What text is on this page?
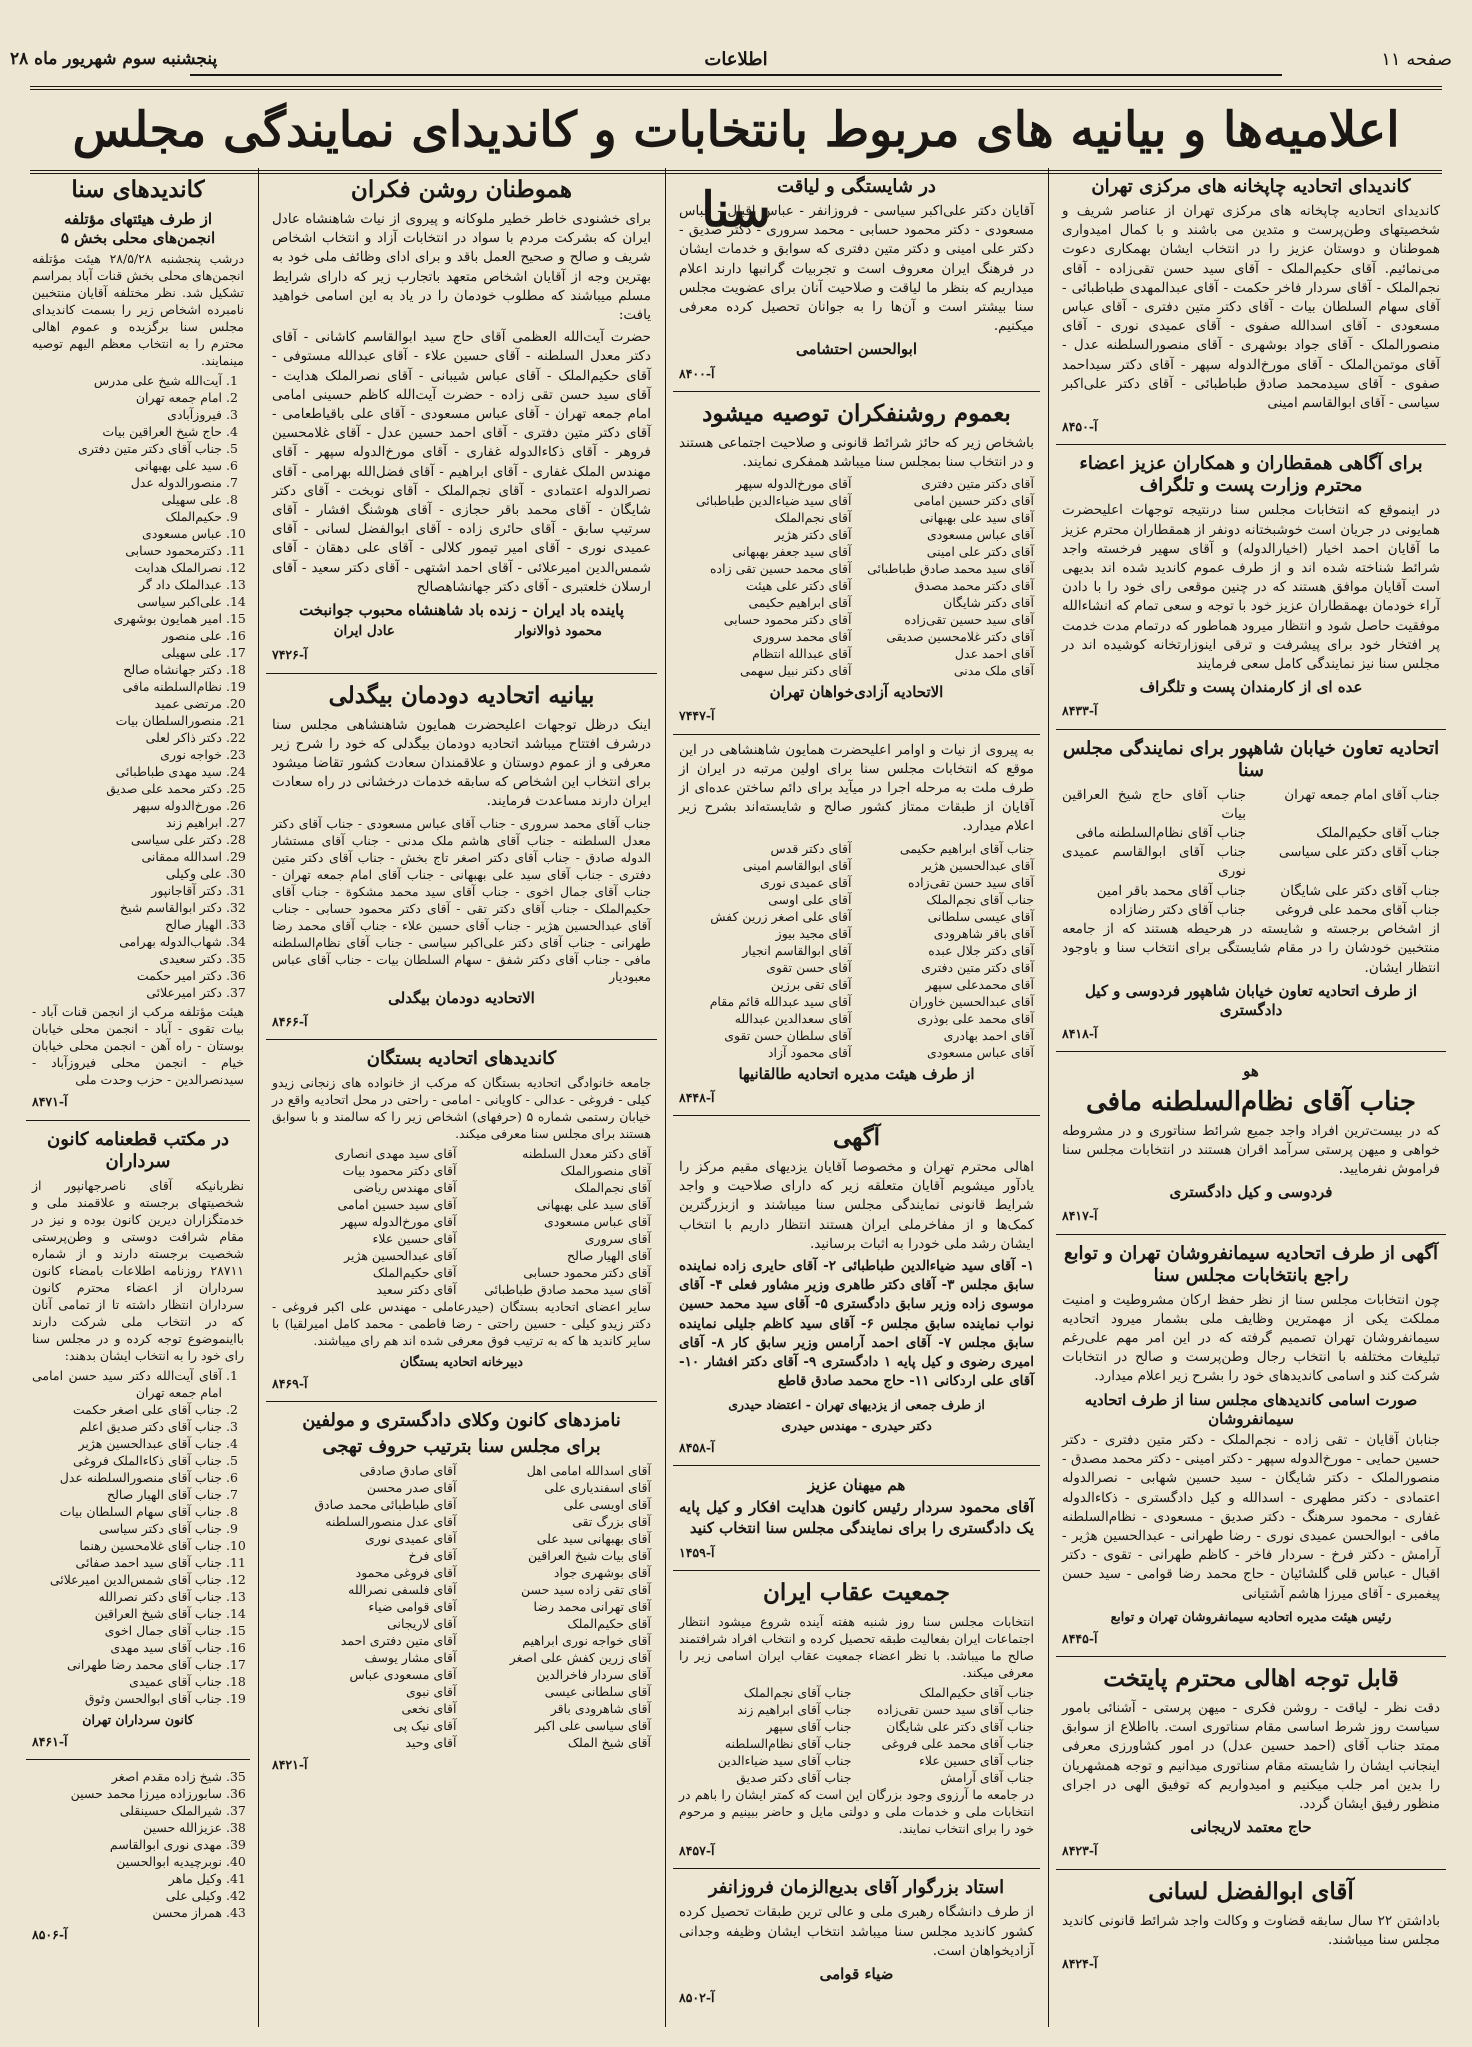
صفحه ۱۱
اطلاعات
پنجشنبه سوم شهریور ماه ۲۸
اعلامیه‌ها و بیانیه های مربوط بانتخابات و کاندیدای نمایندگی مجلس سنا	کاندیدای اتحادیه چاپخانه های مرکزی تهران

کاندیدای اتحادیه چاپخانه های مرکزی تهران از عناصر شریف و شخصیتهای وطن‌پرست و متدین می باشند و با کمال امیدواری هموطنان و دوستان عزیز را در انتخاب ایشان بهمکاری دعوت می‌نمائیم. آقای حکیم‌الملک - آقای سید حسن تقی‌زاده - آقای نجم‌الملک - آقای سردار فاخر حکمت - آقای عبدالمهدی طباطبائی - آقای سهام السلطان بیات - آقای دکتر متین دفتری - آقای عباس مسعودی - آقای اسدالله صفوی - آقای عمیدی نوری - آقای منصورالملک - آقای جواد بوشهری - آقای منصورالسلطنه عدل - آقای موتمن‌الملک - آقای مورخ‌الدوله سپهر - آقای دکتر سیداحمد صفوی - آقای سیدمحمد صادق طباطبائی - آقای دکتر علی‌اکبر سیاسی - آقای ابوالقاسم امینی

۸۴۵۰-آ
برای آگاهی همقطاران و همکاران عزیز اعضاء محترم وزارت پست و تلگراف

در اینموقع که انتخابات مجلس سنا درنتیجه توجهات اعلیحضرت همایونی در جریان است خوشبختانه دونفر از همقطاران محترم عزیز ما آقایان احمد اخیار (اخیارالدوله) و آقای سهیر فرخسته واجد شرائط شناخته شده اند و از طرف عموم کاندید شده اند بدیهی است آقایان موافق هستند که در چنین موقعی رای خود را با دادن آراء خودمان بهمقطاران عزیز خود با توجه و سعی تمام که انشاءالله موفقیت حاصل شود و انتظار میرود هماطور که درتمام مدت خدمت پر افتخار خود برای پیشرفت و ترقی اینوزارتخانه کوشیده اند در مجلس سنا نیز نمایندگی کامل سعی فرمایند

عده ای از کارمندان پست و تلگراف
۸۴۳۳-آ
اتحادیه تعاون خیابان شاهپور برای نمایندگی مجلس سنا
جناب آقای امام جمعه تهران
جناب آقای حاج شیخ العراقین بیات
جناب آقای حکیم‌الملک
جناب آقای نظام‌السلطنه مافی
جناب آقای دکتر علی سیاسی
جناب آقای ابوالقاسم عمیدی نوری
جناب آقای دکتر علی شایگان
جناب آقای محمد باقر امین
جناب آقای محمد علی فروغی
جناب آقای دکتر رضازاده

از اشخاص برجسته و شایسته در هرحیطه هستند که از جامعه منتخبین خودشان را در مقام شایستگی برای انتخاب سنا و باوجود انتظار ایشان.

از طرف اتحادیه تعاون خیابان شاهپور فردوسی و کیل دادگستری
۸۴۱۸-آ
هو
جناب آقای نظام‌السلطنه مافی

که در بیست‌ترین افراد واجد جمیع شرائط سناتوری و در مشروطه خواهی و میهن پرستی سرآمد اقران هستند در انتخابات مجلس سنا فراموش نفرمایید.

فردوسی و کیل دادگستری
۸۴۱۷-آ
آگهی از طرف اتحادیه سیمانفروشان تهران و توابع راجع بانتخابات مجلس سنا

چون انتخابات مجلس سنا از نظر حفظ ارکان مشروطیت و امنیت مملکت یکی از مهمترین وظایف ملی بشمار میرود اتحادیه سیمانفروشان تهران تصمیم گرفته که در این امر مهم علی‌رغم تبلیغات مختلفه با انتخاب رجال وطن‌پرست و صالح در انتخابات شرکت کند و اسامی کاندیدهای خود را بشرح زیر اعلام میدارد.

صورت اسامی کاندیدهای مجلس سنا از طرف اتحادیه سیمانفروشان

جنابان آقایان - تقی زاده - نجم‌الملک - دکتر متین دفتری - دکتر حسین حمایی - مورخ‌الدوله سپهر - دکتر امینی - دکتر محمد مصدق - منصورالملک - دکتر شایگان - سید حسین شهابی - نصرالدوله اعتمادی - دکتر مطهری - اسدالله و کیل دادگستری - ذکاءالدوله غفاری - محمود سرهنگ - دکتر صدیق - مسعودی - نظام‌السلطنه مافی - ابوالحسن عمیدی نوری - رضا طهرانی - عبدالحسین هژیر - آرامش - دکتر فرخ - سردار فاخر - کاظم طهرانی - تقوی - دکتر اقبال - عباس قلی گلشائیان - حاج محمد رضا قوامی - سید حسن پیغمبری - آقای میرزا هاشم آشتیانی

رئیس هیئت مدیره اتحادیه سیمانفروشان تهران و توابع
۸۴۴۵-آ
قابل توجه اهالی محترم پایتخت

دقت نظر - لیاقت - روشن فکری - میهن پرستی - آشنائی بامور سیاست روز شرط اساسی مقام سناتوری است. بااطلاع از سوابق ممتد جناب آقای (احمد حسین عدل) در امور کشاورزی معرفی اینجانب ایشان را شایسته مقام سناتوری میدانیم و توجه همشهریان را بدین امر جلب میکنیم و امیدواریم که توفیق الهی در اجرای منظور رفیق ایشان گردد.

حاج معتمد لاریجانی
۸۴۲۳-آ
آقای ابوالفضل لسانی

باداشتن ۲۲ سال سابقه قضاوت و وکالت واجد شرائط قانونی کاندید مجلس سنا میباشند.

۸۴۲۴-آ
در شایستگی و لیاقت

آقایان دکتر علی‌اکبر سیاسی - فروزانفر - عباس اقبال - عباس مسعودی - دکتر محمود حسابی - محمد سروری - دکتر صدیق - دکتر علی امینی و دکتر متین دفتری که سوابق و خدمات ایشان در فرهنگ ایران معروف است و تجربیات گرانبها دارند اعلام میداریم که بنظر ما لیاقت و صلاحیت آنان برای عضویت مجلس سنا بیشتر است و آن‌ها را به جوانان تحصیل کرده معرفی میکنیم.

ابوالحسن احتشامی
۸۴۰۰-آ
بعموم روشنفکران توصیه میشود

باشخاص زیر که حائز شرائط قانونی و صلاحیت اجتماعی هستند و در انتخاب سنا بمجلس سنا میباشد همفکری نمایند.

آقای دکتر متین دفتری
آقای مورخ‌الدوله سپهر
آقای دکتر حسین امامی
آقای سید ضیاءالدین طباطبائی
آقای سید علی بهبهانی
آقای نجم‌الملک
آقای عباس مسعودی
آقای دکتر هژیر
آقای دکتر علی امینی
آقای سید جعفر بهبهانی
آقای سید محمد صادق طباطبائی
آقای محمد حسین تقی زاده
آقای دکتر محمد مصدق
آقای دکتر علی هیئت
آقای دکتر شایگان
آقای ابراهیم حکیمی
آقای سید حسین تقی‌زاده
آقای دکتر محمود حسابی
آقای دکتر غلامحسین صدیقی
آقای محمد سروری
آقای احمد عدل
آقای عبدالله انتظام
آقای ملک مدنی
آقای دکتر نبیل سهمی
الاتحادیه آزادی‌خواهان تهران
۷۴۴۷-آ

به پیروی از نیات و اوامر اعلیحضرت همایون شاهنشاهی در این موقع که انتخابات مجلس سنا برای اولین مرتبه در ایران از طرف ملت به مرحله اجرا در میآید برای دائم ساختن عده‌ای از آقایان از طبقات ممتاز کشور صالح و شایسته‌اند بشرح زیر اعلام میدارد.

جناب آقای ابراهیم حکیمی
آقای دکتر قدس
آقای عبدالحسین هژیر
آقای ابوالقاسم امینی
آقای سید حسن تقی‌زاده
آقای عمیدی نوری
جناب آقای نجم‌الملک
آقای علی اوسی
آقای عیسی سلطانی
آقای علی اصغر زرین کفش
آقای باقر شاهرودی
آقای مجید بیوز
آقای دکتر جلال عبده
آقای ابوالقاسم انجیار
آقای دکتر متین دفتری
آقای حسن تقوی
آقای محمدعلی سپهر
آقای تقی برزین
آقای عبدالحسین خاوران
آقای سید عبدالله قائم مقام
آقای محمد علی بوذری
آقای سعدالدین عبدالله
آقای احمد بهادری
آقای سلطان حسن تقوی
آقای عباس مسعودی
آقای محمود آزاد
از طرف هیئت مدیره اتحادیه طالقانیها
۸۴۴۸-آ
آگهی

اهالی محترم تهران و مخصوصا آقایان یزدیهای مقیم مرکز را یادآور میشویم آقایان متعلقه زیر که دارای صلاحیت و واجد شرایط قانونی نمایندگی مجلس سنا میباشند و ازبزرگترین کمک‌ها و از مفاخرملی ایران هستند انتظار داریم با انتخاب ایشان رشد ملی خودرا به اثبات برسانید.

۱- آقای سید ضیاء‌الدین طباطبائی ۲- آقای حایری زاده نماینده سابق مجلس ۳- آقای دکتر طاهری وزیر مشاور فعلی ۴- آقای موسوی زاده وزیر سابق دادگستری ۵- آقای سید محمد حسین نواب نماینده سابق مجلس ۶- آقای سید کاظم جلیلی نماینده سابق مجلس ۷- آقای احمد آرامس وزیر سابق کار ۸- آقای امیری رضوی و کیل پایه ۱ دادگستری ۹- آقای دکتر افشار ۱۰- آقای علی اردکانی ۱۱- حاج محمد صادق قاطع

از طرف جمعی از یزدیهای تهران - اعتضاد حیدری
دکتر حیدری - مهندس حیدری
۸۴۵۸-آ
هم میهنان عزیز

آقای محمود سردار رئیس کانون هدایت افکار و کیل پایه یک دادگستری را برای نمایندگی مجلس سنا انتخاب کنید

۱۴۵۹-آ
جمعیت عقاب ایران

انتخابات مجلس سنا روز شنبه هفته آینده شروع میشود انتظار اجتماعات ایران بفعالیت طبقه تحصیل کرده و انتخاب افراد شرافتمند صالح ما میباشد. با نظر اعضاء جمعیت عقاب ایران اسامی زیر را معرفی میکند.

جناب آقای حکیم‌الملک
جناب آقای نجم‌الملک
جناب آقای سید حسن تقی‌زاده
جناب آقای ابراهیم زند
جناب آقای دکتر علی شایگان
جناب آقای سپهر
جناب آقای محمد علی فروغی
جناب آقای نظام‌السلطنه
جناب آقای حسین علاء
جناب آقای سید ضیاءالدین
جناب آقای آرامش
جناب آقای دکتر صدیق

در جامعه ما آرزوی وجود بزرگان این است که کمتر ایشان را باهم در انتخابات ملی و خدمات ملی و دولتی مایل و حاضر ببینیم و مرحوم خود را برای انتخاب نمایند.

۸۴۵۷-آ
استاد بزرگوار آقای بدیع‌الزمان فروزانفر

از طرف دانشگاه رهبری ملی و عالی ترین طبقات تحصیل کرده کشور کاندید مجلس سنا میباشد انتخاب ایشان وظیفه وجدانی آزادیخواهان است.

ضیاء قوامی
۸۵۰۲-آ
هموطنان روشن فکران

برای خشنودی خاطر خطیر ملوکانه و پیروی از نیات شاهنشاه عادل ایران که بشرکت مردم با سواد در انتخابات آزاد و انتخاب اشخاص شریف و صالح و صحیح العمل باقد و برای ادای وظائف ملی خود به بهترین وجه از آقایان اشخاص متعهد باتجارب زیر که دارای شرایط مسلم میباشند که مطلوب خودمان را در یاد به این اسامی خواهید یافت:

حضرت آیت‌الله العظمی آقای حاج سید ابوالقاسم کاشانی - آقای دکتر معدل السلطنه - آقای حسین علاء - آقای عبدالله مستوفی - آقای حکیم‌الملک - آقای عباس شیبانی - آقای نصرالملک هدایت - آقای سید حسن تقی زاده - حضرت آیت‌الله کاظم حسینی امامی امام جمعه تهران - آقای عباس مسعودی - آقای علی باقیاطعامی - آقای دکتر متین دفتری - آقای احمد حسین عدل - آقای غلامحسین فروهر - آقای ذکاءالدوله غفاری - آقای مورخ‌الدوله سپهر - آقای مهندس الملک غفاری - آقای ابراهیم - آقای فضل‌الله بهرامی - آقای نصرالدوله اعتمادی - آقای نجم‌الملک - آقای نوبخت - آقای دکتر شایگان - آقای محمد باقر حجازی - آقای هوشنگ افشار - آقای سرتیپ سابق - آقای حائری زاده - آقای ابوالفضل لسانی - آقای عمیدی نوری - آقای امیر تیمور کلالی - آقای علی دهقان - آقای شمس‌الدین امیرعلائی - آقای احمد اشتهی - آقای دکتر سعید - آقای ارسلان خلعتبری - آقای دکتر جهانشاهصالح

پاینده باد ایران - زنده باد شاهنشاه محبوب جوانبخت
محمود ذوالانوار
عادل ایران
۷۴۲۶-آ
بیانیه اتحادیه دودمان بیگدلی

اینک درظل توجهات اعلیحضرت همایون شاهنشاهی مجلس سنا درشرف افتتاح میباشد اتحادیه دودمان بیگدلی که خود را شرح زیر معرفی و از عموم دوستان و علاقمندان سعادت کشور تقاضا میشود برای انتخاب این اشخاص که سابقه خدمات درخشانی در راه سعادت ایران دارند مساعدت فرمایند.

جناب آقای محمد سروری - جناب آقای عباس مسعودی - جناب آقای دکتر معدل السلطنه - جناب آقای هاشم ملک مدنی - جناب آقای مستشار الدوله صادق - جناب آقای دکتر اصغر تاج بخش - جناب آقای دکتر متین دفتری - جناب آقای سید علی بهبهانی - جناب آقای امام جمعه تهران - جناب آقای جمال اخوی - جناب آقای سید محمد مشکوة - جناب آقای حکیم‌الملک - جناب آقای دکتر تقی - آقای دکتر محمود حسابی - جناب آقای عبدالحسین هژیر - جناب آقای حسین علاء - جناب آقای محمد رضا طهرانی - جناب آقای دکتر علی‌اکبر سیاسی - جناب آقای نظام‌السلطنه مافی - جناب آقای دکتر شفق - سهام السلطان بیات - جناب آقای عباس معبودیار

الاتحادیه دودمان بیگدلی
۸۴۶۶-آ
کاندیدهای اتحادیه بستگان

جامعه خانوادگی اتحادیه بستگان که مرکب از خانواده های زنجانی زیدو کیلی - فروغی - عدالی - کاویانی - امامی - راحتی در محل اتحادیه واقع در خیابان رستمی شماره ۵ (حرفهای) اشخاص زیر را که سالمند و با سوابق هستند برای مجلس سنا معرفی میکند.

آقای دکتر معدل السلطنه
آقای سید مهدی انصاری
آقای منصورالملک
آقای دکتر محمود بیات
آقای نجم‌الملک
آقای مهندس ریاضی
آقای سید علی بهبهانی
آقای سید حسین امامی
آقای عباس مسعودی
آقای مورخ‌الدوله سپهر
آقای سروری
آقای حسین علاء
آقای الهیار صالح
آقای عبدالحسین هژیر
آقای دکتر محمود حسابی
آقای حکیم‌الملک
آقای سید محمد صادق طباطبائی
آقای دکتر سعید

سایر اعضای اتحادیه بستگان (حیدرعاملی - مهندس علی اکبر فروغی - دکتر زیدو کیلی - حسین راحتی - رضا فاطمی - محمد کامل امیرلقیا) با سایر کاندید ها که به ترتیب فوق معرفی شده اند هم رای میباشند.

دبیرخانه اتحادیه بستگان
۸۴۶۹-آ
نامزدهای کانون وکلای دادگستری و مولفین
برای مجلس سنا بترتیب حروف تهجی
آقای اسدالله امامی اهل
آقای صادق صادقی
آقای اسفندیاری علی
آقای صدر محسن
آقای اویسی علی
آقای طباطبائی محمد صادق
آقای بزرگ تقی
آقای عدل منصورالسلطنه
آقای بهبهانی سید علی
آقای عمیدی نوری
آقای بیات شیخ العراقین
آقای فرخ
آقای بوشهری جواد
آقای فروغی محمود
آقای تقی زاده سید حسن
آقای فلسفی نصرالله
آقای تهرانی محمد رضا
آقای قوامی ضیاء
آقای حکیم‌الملک
آقای لاریجانی
آقای خواجه نوری ابراهیم
آقای متین دفتری احمد
آقای زرین کفش علی اصغر
آقای مشار یوسف
آقای سردار فاخرالدین
آقای مسعودی عباس
آقای سلطانی عیسی
آقای نبوی
آقای شاهرودی باقر
آقای نخعی
آقای سیاسی علی اکبر
آقای نیک پی
آقای شیخ الملک
آقای وحید
۸۴۲۱-آ
کاندیدهای سنا
از طرف هیئتهای مؤتلفه انجمن‌های محلی بخش ۵

درشب پنجشنبه ۲۸/۵/۲۸ هیئت مؤتلفه انجمن‌های محلی بخش قنات آباد بمراسم تشکیل شد. نظر مختلفه آقایان منتخبین نامبرده اشخاص زیر را بسمت کاندیدای مجلس سنا برگزیده و عموم اهالی محترم را به انتخاب معظم الیهم توصیه مینمایند.

1. آیت‌الله شیخ علی مدرس
2. امام جمعه تهران
3. فیروزآبادی
4. حاج شیخ العراقین بیات
5. جناب آقای دکتر متین دفتری
6. سید علی بهبهانی
7. منصورالدوله عدل
8. علی سهیلی
9. حکیم‌الملک
10. عباس مسعودی
11. دکترمحمود حسابی
12. نصرالملک هدایت
13. عبدالملک داد گر
14. علی‌اکبر سیاسی
15. امیر همایون بوشهری
16. علی منصور
17. علی سهیلی
18. دکتر جهانشاه صالح
19. نظام‌السلطنه مافی
20. مرتضی عمید
21. منصورالسلطان بیات
22. دکتر ذاکر لعلی
23. خواجه نوری
24. سید مهدی طباطبائی
25. دکتر محمد علی صدیق
26. مورخ‌الدوله سپهر
27. ابراهیم زند
28. دکتر علی سیاسی
29. اسدالله ممقانی
30. علی وکیلی
31. دکتر آقاجانپور
32. دکتر ابوالقاسم شیخ
33. الهیار صالح
34. شهاب‌الدوله بهرامی
35. دکتر سعیدی
36. دکتر امیر حکمت
37. دکتر امیرعلائی

هیئت مؤتلفه مرکب از انجمن قنات آباد - بیات تقوی - آباد - انجمن محلی خیابان بوستان - راه آهن - انجمن محلی خیابان خیام - انجمن محلی فیروزآباد - سیدنصرالدین - حزب وحدت ملی

۸۴۷۱-آ
در مکتب قطعنامه کانون سرداران

نظربانیکه آقای ناصرجهانپور از شخصیتهای برجسته و علاقمند ملی و خدمتگزاران دیرین کانون بوده و نیز در مقام شرافت دوستی و وطن‌پرستی شخصیت برجسته دارند و از شماره ۲۸۷۱۱ روزنامه اطلاعات بامضاء کانون سرداران از اعضاء محترم کانون سرداران انتظار داشته تا از تمامی آنان که در انتخاب ملی شرکت دارند بااینموضوع توجه کرده و در مجلس سنا رای خود را به انتخاب ایشان بدهند:

1. آقای آیت‌الله دکتر سید حسن امامی امام جمعه تهران
2. جناب آقای علی اصغر حکمت
3. جناب آقای دکتر صدیق اعلم
4. جناب آقای عبدالحسین هژیر
5. جناب آقای ذکاءالملک فروغی
6. جناب آقای منصورالسلطنه عدل
7. جناب آقای الهیار صالح
8. جناب آقای سهام السلطان بیات
9. جناب آقای دکتر سیاسی
10. جناب آقای غلامحسین رهنما
11. جناب آقای سید احمد صفائی
12. جناب آقای شمس‌الدین امیرعلائی
13. جناب آقای دکتر نصرالله
14. جناب آقای شیخ العراقین
15. جناب آقای جمال اخوی
16. جناب آقای سید مهدی
17. جناب آقای محمد رضا طهرانی
18. جناب آقای عمیدی
19. جناب آقای ابوالحسن وثوق
کانون سرداران تهران
۸۴۶۱-آ
35. شیخ زاده مقدم اصغر
36. سابورزاده میرزا محمد حسین
37. شیرالملک حسینقلی
38. عزیزالله حسین
39. مهدی نوری ابوالقاسم
40. نوبرچیدیه ابوالحسین
41. وکیل ماهر
42. وکیلی علی
43. همراز محسن
۸۵۰۶-آ
